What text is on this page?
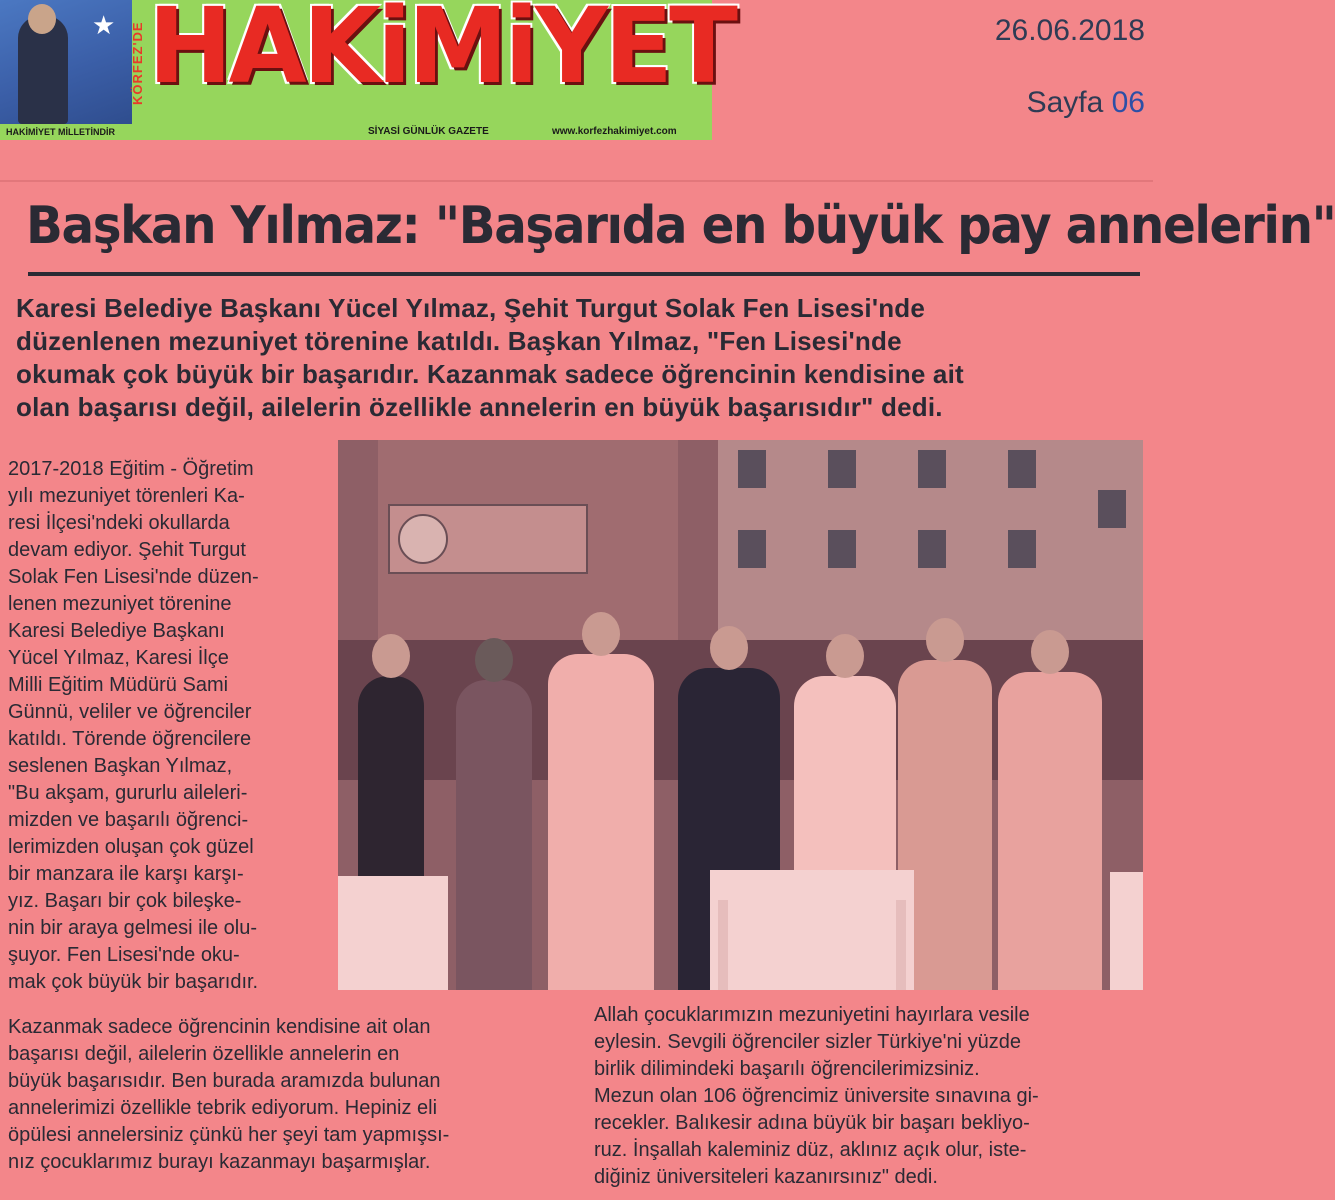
★ KÖRFEZ'DE HAKiMiYET
HAKİMİYET MİLLETİNDİR	SİYASİ GÜNLÜK GAZETE	www.korfezhakimiyet.com
26.06.2018
Sayfa 06
Başkan Yılmaz: "Başarıda en büyük pay annelerin"
Karesi Belediye Başkanı Yücel Yılmaz, Şehit Turgut Solak Fen Lisesi'nde
düzenlenen mezuniyet törenine katıldı. Başkan Yılmaz, "Fen Lisesi'nde
okumak çok büyük bir başarıdır. Kazanmak sadece öğrencinin kendisine ait
olan başarısı değil, ailelerin özellikle annelerin en büyük başarısıdır" dedi.
2017-2018 Eğitim - Öğretim
yılı mezuniyet törenleri Ka-
resi İlçesi'ndeki okullarda
devam ediyor. Şehit Turgut
Solak Fen Lisesi'nde düzen-
lenen mezuniyet törenine
Karesi Belediye Başkanı
Yücel Yılmaz, Karesi İlçe
Milli Eğitim Müdürü Sami
Günnü, veliler ve öğrenciler
katıldı. Törende öğrencilere
seslenen Başkan Yılmaz,
"Bu akşam, gururlu aileleri-
mizden ve başarılı öğrenci-
lerimizden oluşan çok güzel
bir manzara ile karşı karşı-
yız. Başarı bir çok bileşke-
nin bir araya gelmesi ile olu-
şuyor. Fen Lisesi'nde oku-
mak çok büyük bir başarıdır.
Kazanmak sadece öğrencinin kendisine ait olan
başarısı değil, ailelerin özellikle annelerin en
büyük başarısıdır. Ben burada aramızda bulunan
annelerimizi özellikle tebrik ediyorum. Hepiniz eli
öpülesi annelersiniz çünkü her şeyi tam yapmışsı-
nız çocuklarımız burayı kazanmayı başarmışlar.
Allah çocuklarımızın mezuniyetini hayırlara vesile
eylesin. Sevgili öğrenciler sizler Türkiye'ni yüzde
birlik dilimindeki başarılı öğrencilerimizsiniz.
Mezun olan 106 öğrencimiz üniversite sınavına gi-
recekler. Balıkesir adına büyük bir başarı bekliyo-
ruz. İnşallah kaleminiz düz, aklınız açık olur, iste-
diğiniz üniversiteleri kazanırsınız" dedi.
